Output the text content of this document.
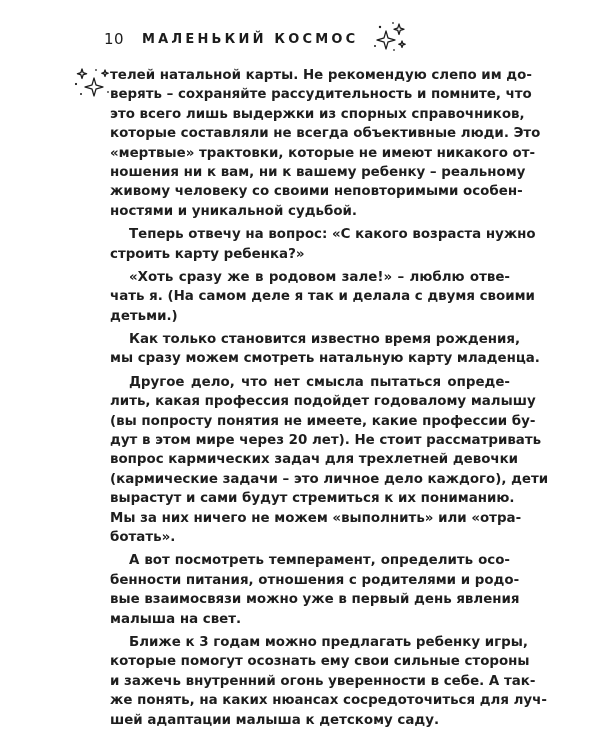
10	МАЛЕНЬКИЙ КОСМОС
телей натальной карты. Не рекомендую слепо им до-
верять – сохраняйте рассудительность и помните, что
это всего лишь выдержки из спорных справочников,
которые составляли не всегда объективные люди. Это
«мертвые» трактовки, которые не имеют никакого от-
ношения ни к вам, ни к вашему ребенку – реальному
живому человеку со своими неповторимыми особен-
ностями и уникальной судьбой.
Теперь отвечу на вопрос: «С какого возраста нужно
строить карту ребенка?»
«Хоть сразу же в родовом зале!» – люблю отве-
чать я. (На самом деле я так и делала с двумя своими
детьми.)
Как только становится известно время рождения,
мы сразу можем смотреть натальную карту младенца.
Другое дело, что нет смысла пытаться опреде-
лить, какая профессия подойдет годовалому малышу
(вы попросту понятия не имеете, какие профессии бу-
дут в этом мире через 20 лет). Не стоит рассматривать
вопрос кармических задач для трехлетней девочки
(кармические задачи – это личное дело каждого), дети
вырастут и сами будут стремиться к их пониманию.
Мы за них ничего не можем «выполнить» или «отра-
ботать».
А вот посмотреть темперамент, определить осо-
бенности питания, отношения с родителями и родо-
вые взаимосвязи можно уже в первый день явления
малыша на свет.
Ближе к 3 годам можно предлагать ребенку игры,
которые помогут осознать ему свои сильные стороны
и зажечь внутренний огонь уверенности в себе. А так-
же понять, на каких нюансах сосредоточиться для луч-
шей адаптации малыша к детскому саду.
